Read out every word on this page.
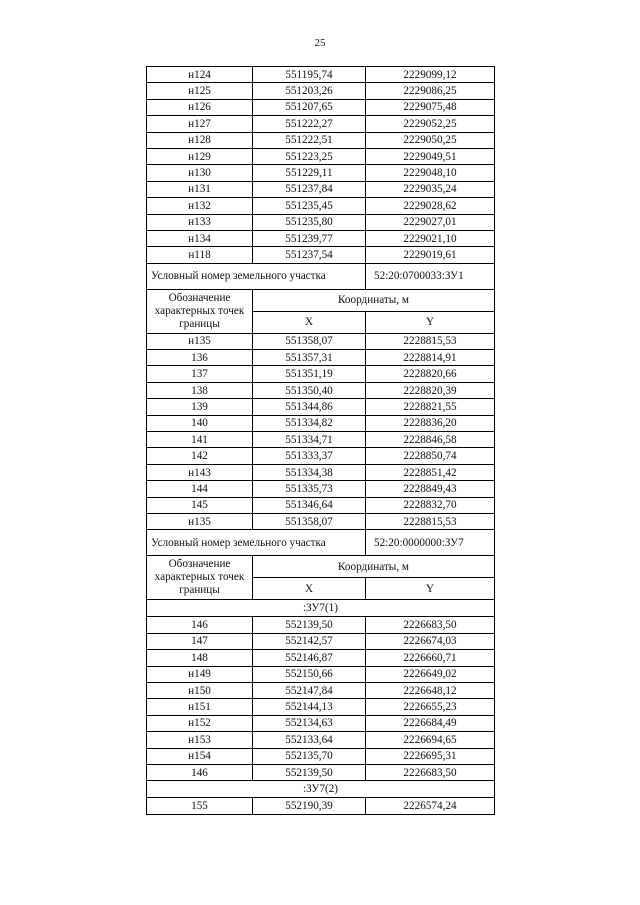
25
н124	551195,74	2229099,12
н125	551203,26	2229086,25
н126	551207,65	2229075,48
н127	551222,27	2229052,25
н128	551222,51	2229050,25
н129	551223,25	2229049,51
н130	551229,11	2229048,10
н131	551237,84	2229035,24
н132	551235,45	2229028,62
н133	551235,80	2229027,01
н134	551239,77	2229021,10
н118	551237,54	2229019,61
Условный номер земельного участка		52:20:0700033:ЗУ1
Обозначение характерных точек границы	Координаты, м	
	X	Y
н135	551358,07	2228815,53
136	551357,31	2228814,91
137	551351,19	2228820,66
138	551350,40	2228820,39
139	551344,86	2228821,55
140	551334,82	2228836,20
141	551334,71	2228846,58
142	551333,37	2228850,74
н143	551334,38	2228851,42
144	551335,73	2228849,43
145	551346,64	2228832,70
н135	551358,07	2228815,53
Условный номер земельного участка		52:20:0000000:ЗУ7
Обозначение характерных точек границы	Координаты, м	
	X	Y
:ЗУ7(1)		
146	552139,50	2226683,50
147	552142,57	2226674,03
148	552146,87	2226660,71
н149	552150,66	2226649,02
н150	552147,84	2226648,12
н151	552144,13	2226655,23
н152	552134,63	2226684,49
н153	552133,64	2226694,65
н154	552135,70	2226695,31
146	552139,50	2226683,50
:ЗУ7(2)		
155	552190,39	2226574,24
